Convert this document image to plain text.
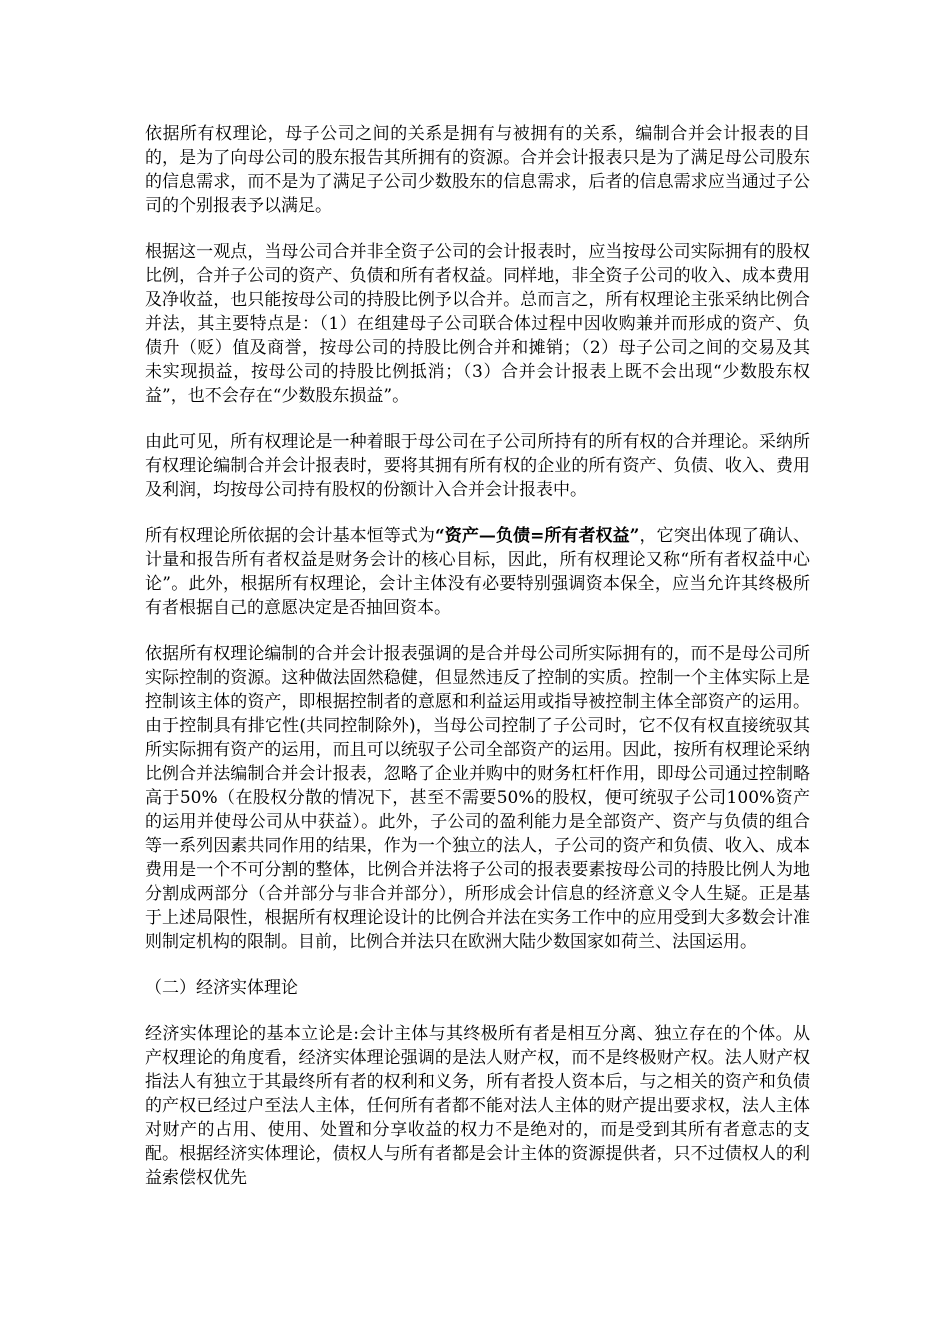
依据所有权理论，母子公司之间的关系是拥有与被拥有的关系，编制合并会计报表的目的，是为了向母公司的股东报告其所拥有的资源。合并会计报表只是为了满足母公司股东的信息需求，而不是为了满足子公司少数股东的信息需求，后者的信息需求应当通过子公司的个别报表予以满足。

根据这一观点，当母公司合并非全资子公司的会计报表时，应当按母公司实际拥有的股权比例，合并子公司的资产、负债和所有者权益。同样地，非全资子公司的收入、成本费用及净收益，也只能按母公司的持股比例予以合并。总而言之，所有权理论主张采纳比例合并法，其主要特点是：（1）在组建母子公司联合体过程中因收购兼并而形成的资产、负债升（贬）值及商誉，按母公司的持股比例合并和摊销；（2）母子公司之间的交易及其未实现损益，按母公司的持股比例抵消；（3）合并会计报表上既不会出现“少数股东权益”，也不会存在“少数股东损益”。

由此可见，所有权理论是一种着眼于母公司在子公司所持有的所有权的合并理论。采纳所有权理论编制合并会计报表时，要将其拥有所有权的企业的所有资产、负债、收入、费用及利润，均按母公司持有股权的份额计入合并会计报表中。

所有权理论所依据的会计基本恒等式为“资产—负债=所有者权益”，它突出体现了确认、计量和报告所有者权益是财务会计的核心目标，因此，所有权理论又称“所有者权益中心论”。此外，根据所有权理论，会计主体没有必要特别强调资本保全，应当允许其终极所有者根据自己的意愿决定是否抽回资本。

依据所有权理论编制的合并会计报表强调的是合并母公司所实际拥有的，而不是母公司所实际控制的资源。这种做法固然稳健，但显然违反了控制的实质。控制一个主体实际上是控制该主体的资产，即根据控制者的意愿和利益运用或指导被控制主体全部资产的运用。由于控制具有排它性(共同控制除外)，当母公司控制了子公司时，它不仅有权直接统驭其所实际拥有资产的运用，而且可以统驭子公司全部资产的运用。因此，按所有权理论采纳比例合并法编制合并会计报表，忽略了企业并购中的财务杠杆作用，即母公司通过控制略高于50%（在股权分散的情况下，甚至不需要50%的股权，便可统驭子公司100%资产的运用并使母公司从中获益）。此外，子公司的盈利能力是全部资产、资产与负债的组合等一系列因素共同作用的结果，作为一个独立的法人，子公司的资产和负债、收入、成本费用是一个不可分割的整体，比例合并法将子公司的报表要素按母公司的持股比例人为地分割成两部分（合并部分与非合并部分），所形成会计信息的经济意义令人生疑。正是基于上述局限性，根据所有权理论设计的比例合并法在实务工作中的应用受到大多数会计准则制定机构的限制。目前，比例合并法只在欧洲大陆少数国家如荷兰、法国运用。

（二）经济实体理论

经济实体理论的基本立论是:会计主体与其终极所有者是相互分离、独立存在的个体。从产权理论的角度看，经济实体理论强调的是法人财产权，而不是终极财产权。法人财产权指法人有独立于其最终所有者的权利和义务，所有者投人资本后，与之相关的资产和负债的产权已经过户至法人主体，任何所有者都不能对法人主体的财产提出要求权，法人主体对财产的占用、使用、处置和分享收益的权力不是绝对的，而是受到其所有者意志的支配。根据经济实体理论，债权人与所有者都是会计主体的资源提供者，只不过债权人的利益索偿权优先
